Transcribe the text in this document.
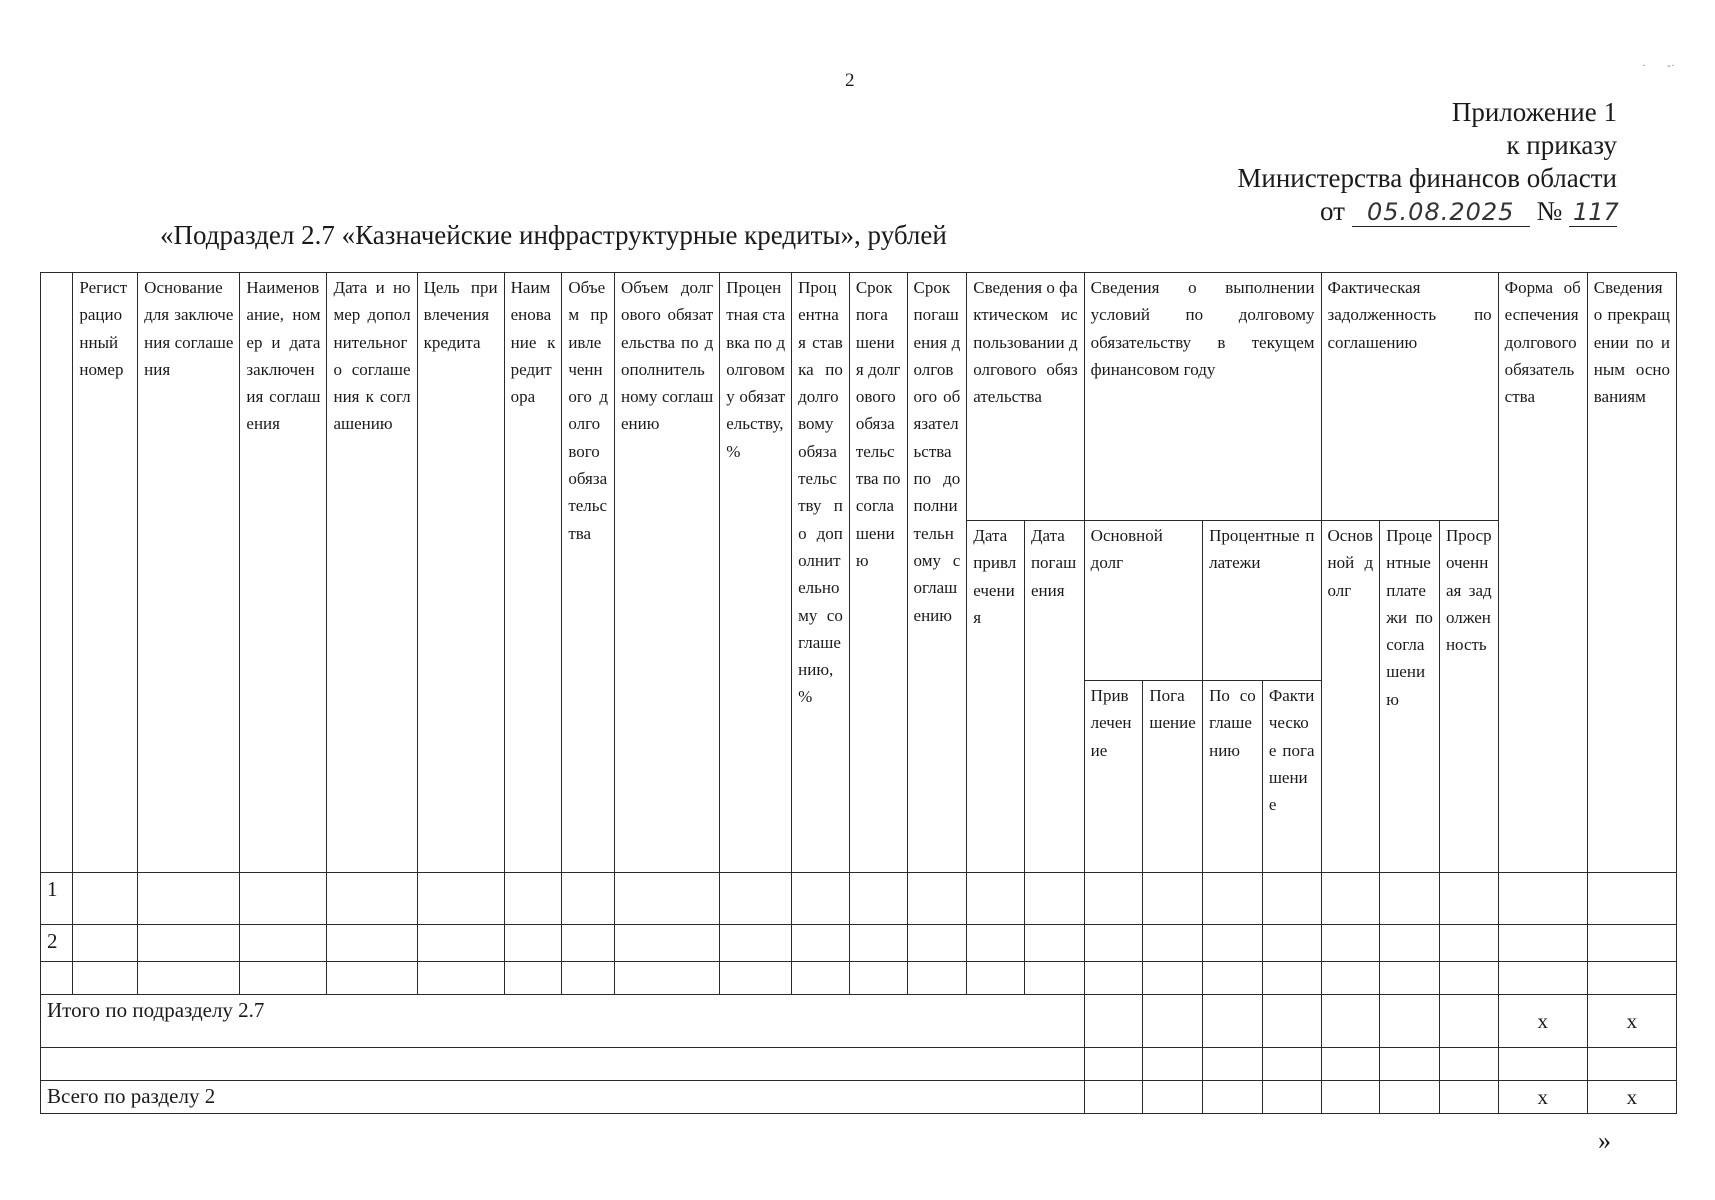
2
·       -·
Приложение 1
к приказу
Министерства финансов области
от 05.08.2025 № 117
«Подраздел 2.7 «Казначейские инфраструктурные кредиты», рублей
	Регистрационный номер	Основание для заключения соглашения	Наименование, номер и дата заключения соглашения	Дата и номер дополнительного соглашения к соглашению	Цель привлечения кредита	Наименование кредитора	Объем привлеченного долгового обязательства	Объем долгового обязательства по дополнительному соглашению	Процентная ставка по долговому обязательству, %	Процентная ставка по долговому обязательству по дополнительному соглашению, %	Срок погашения долгового обязательства по соглашению	Срок погашения долгового обязательства по дополнительному соглашению	Сведения о фактическом использовании долгового обязательства		Сведения о выполнении условий по долговому обязательству в текущем финансовом году				Фактическая задолженность по соглашению			Форма обеспечения долгового обязательства	Сведения о прекращении по иным основаниям
													Дата привлечения	Дата погашения	Основной долг		Процентные платежи		Основной долг	Процентные платежи по соглашению	Просроченная задолженность		
															Привлечение	Погашение	По соглашению	Фактическое погашение					
1																							
2																							

Итого по подразделу 2.7																						х	х

Всего по разделу 2																						х	х
»
